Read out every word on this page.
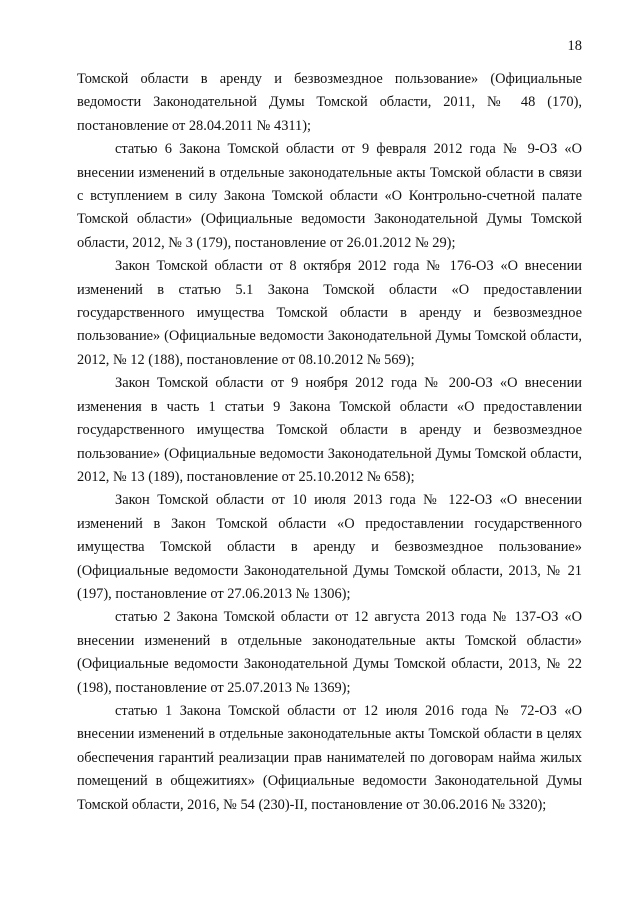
18

Томской области в аренду и безвозмездное пользование» (Официальные ведомости Законодательной Думы Томской области, 2011, № 48 (170), постановление от 28.04.2011 № 4311);

статью 6 Закона Томской области от 9 февраля 2012 года № 9-ОЗ «О внесении изменений в отдельные законодательные акты Томской области в связи с вступлением в силу Закона Томской области «О Контрольно-счетной палате Томской области» (Официальные ведомости Законодательной Думы Томской области, 2012, № 3 (179), постановление от 26.01.2012 № 29);

Закон Томской области от 8 октября 2012 года № 176-ОЗ «О внесении изменений в статью 5.1 Закона Томской области «О предоставлении государственного имущества Томской области в аренду и безвозмездное пользование» (Официальные ведомости Законодательной Думы Томской области, 2012, № 12 (188), постановление от 08.10.2012 № 569);

Закон Томской области от 9 ноября 2012 года № 200-ОЗ «О внесении изменения в часть 1 статьи 9 Закона Томской области «О предоставлении государственного имущества Томской области в аренду и безвозмездное пользование» (Официальные ведомости Законодательной Думы Томской области, 2012, № 13 (189), постановление от 25.10.2012 № 658);

Закон Томской области от 10 июля 2013 года № 122-ОЗ «О внесении изменений в Закон Томской области «О предоставлении государственного имущества Томской области в аренду и безвозмездное пользование» (Официальные ведомости Законодательной Думы Томской области, 2013, № 21 (197), постановление от 27.06.2013 № 1306);

статью 2 Закона Томской области от 12 августа 2013 года № 137-ОЗ «О внесении изменений в отдельные законодательные акты Томской области» (Официальные ведомости Законодательной Думы Томской области, 2013, № 22 (198), постановление от 25.07.2013 № 1369);

статью 1 Закона Томской области от 12 июля 2016 года № 72-ОЗ «О внесении изменений в отдельные законодательные акты Томской области в целях обеспечения гарантий реализации прав нанимателей по договорам найма жилых помещений в общежитиях» (Официальные ведомости Законодательной Думы Томской области, 2016, № 54 (230)-II, постановление от 30.06.2016 № 3320);
